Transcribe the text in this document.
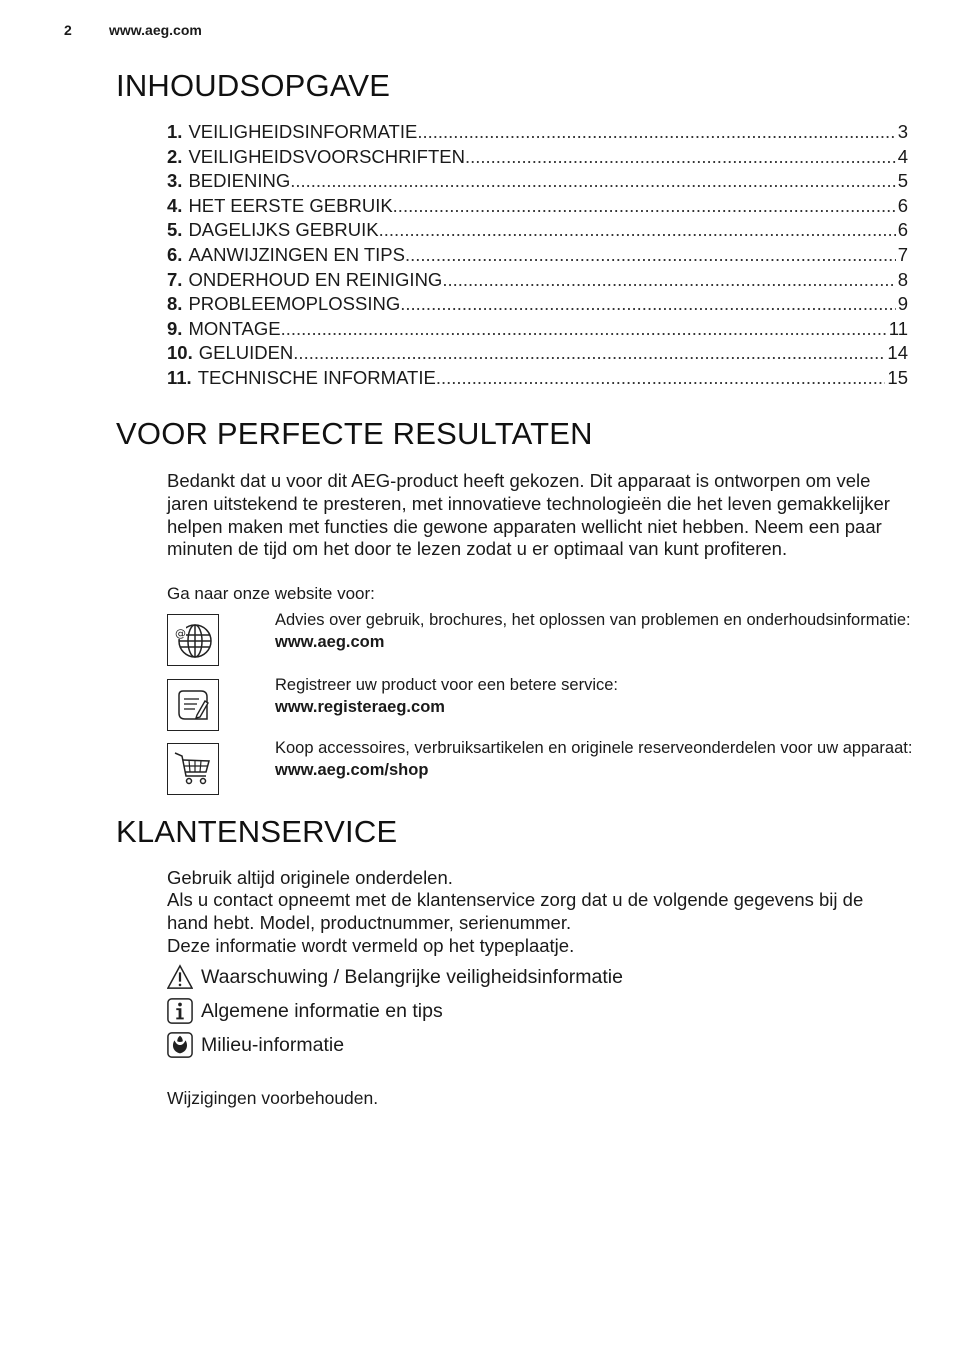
2	www.aeg.com
INHOUDSOPGAVE
1. VEILIGHEIDSINFORMATIE .....	3
2. VEILIGHEIDSVOORSCHRIFTEN .....	4
3. BEDIENING .....	5
4. HET EERSTE GEBRUIK .....	6
5. DAGELIJKS GEBRUIK .....	6
6. AANWIJZINGEN EN TIPS .....	7
7. ONDERHOUD EN REINIGING .....	8
8. PROBLEEMOPLOSSING .....	9
9. MONTAGE .....	11
10. GELUIDEN .....	14
11. TECHNISCHE INFORMATIE .....	15
VOOR PERFECTE RESULTATEN
Bedankt dat u voor dit AEG-product heeft gekozen. Dit apparaat is ontworpen om vele jaren uitstekend te presteren, met innovatieve technologieën die het leven gemakkelijker helpen maken met functies die gewone apparaten wellicht niet hebben. Neem een paar minuten de tijd om het door te lezen zodat u er optimaal van kunt profiteren.
Ga naar onze website voor:
@
Advies over gebruik, brochures, het oplossen van problemen en onderhoudsinformatie:
www.aeg.com
Registreer uw product voor een betere service:
www.registeraeg.com
Koop accessoires, verbruiksartikelen en originele reserveonderdelen voor uw apparaat:
www.aeg.com/shop
KLANTENSERVICE
Gebruik altijd originele onderdelen.
Als u contact opneemt met de klantenservice zorg dat u de volgende gegevens bij de hand hebt. Model, productnummer, serienummer.
Deze informatie wordt vermeld op het typeplaatje.
Waarschuwing / Belangrijke veiligheidsinformatie
Algemene informatie en tips
Milieu-informatie
Wijzigingen voorbehouden.
